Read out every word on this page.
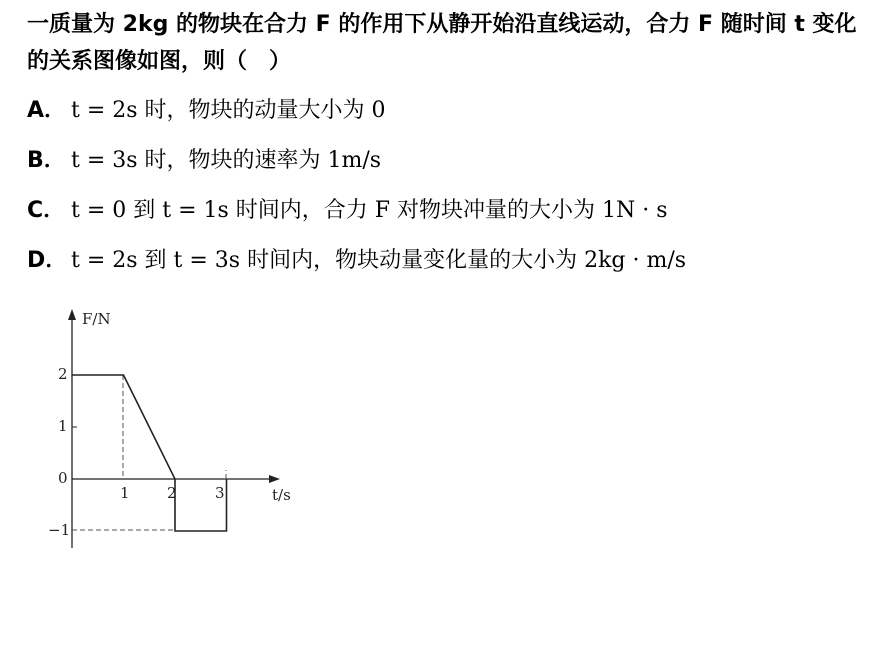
一质量为 2kg 的物块在合力 F 的作用下从静开始沿直线运动，合力 F 随时间 t 变化的关系图像如图，则（　）
A． t = 2s 时，物块的动量大小为 0
B． t = 3s 时，物块的速率为 1m/s
C． t = 0 到 t = 1s 时间内，合力 F 对物块冲量的大小为 1N · s
D． t = 2s 到 t = 3s 时间内，物块动量变化量的大小为 2kg · m/s
F/N
t/s
2
1
0
−1
1 2	3
